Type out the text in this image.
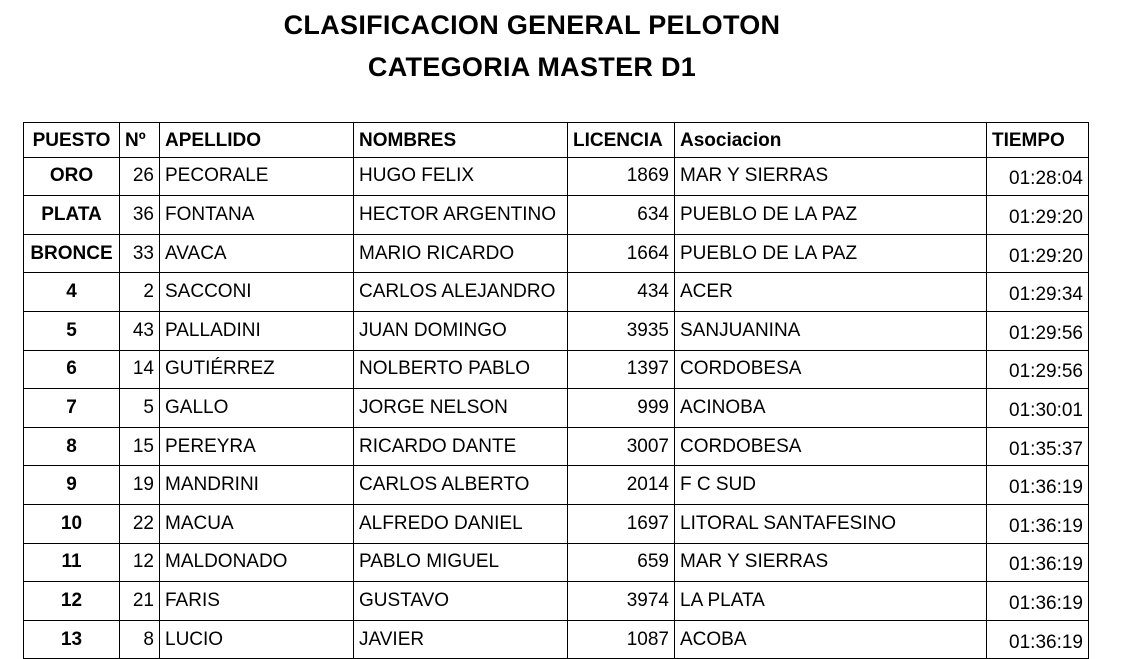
CLASIFICACION GENERAL PELOTON
CATEGORIA MASTER D1
PUESTO	Nº	APELLIDO	NOMBRES	LICENCIA	Asociacion	TIEMPO
ORO	26	PECORALE	HUGO FELIX	1869	MAR Y SIERRAS	01:28:04
PLATA	36	FONTANA	HECTOR ARGENTINO	634	PUEBLO DE LA PAZ	01:29:20
BRONCE	33	AVACA	MARIO RICARDO	1664	PUEBLO DE LA PAZ	01:29:20
4	2	SACCONI	CARLOS ALEJANDRO	434	ACER	01:29:34
5	43	PALLADINI	JUAN DOMINGO	3935	SANJUANINA	01:29:56
6	14	GUTIÉRREZ	NOLBERTO PABLO	1397	CORDOBESA	01:29:56
7	5	GALLO	JORGE NELSON	999	ACINOBA	01:30:01
8	15	PEREYRA	RICARDO DANTE	3007	CORDOBESA	01:35:37
9	19	MANDRINI	CARLOS ALBERTO	2014	F C SUD	01:36:19
10	22	MACUA	ALFREDO DANIEL	1697	LITORAL SANTAFESINO	01:36:19
11	12	MALDONADO	PABLO MIGUEL	659	MAR Y SIERRAS	01:36:19
12	21	FARIS	GUSTAVO	3974	LA PLATA	01:36:19
13	8	LUCIO	JAVIER	1087	ACOBA	01:36:19
